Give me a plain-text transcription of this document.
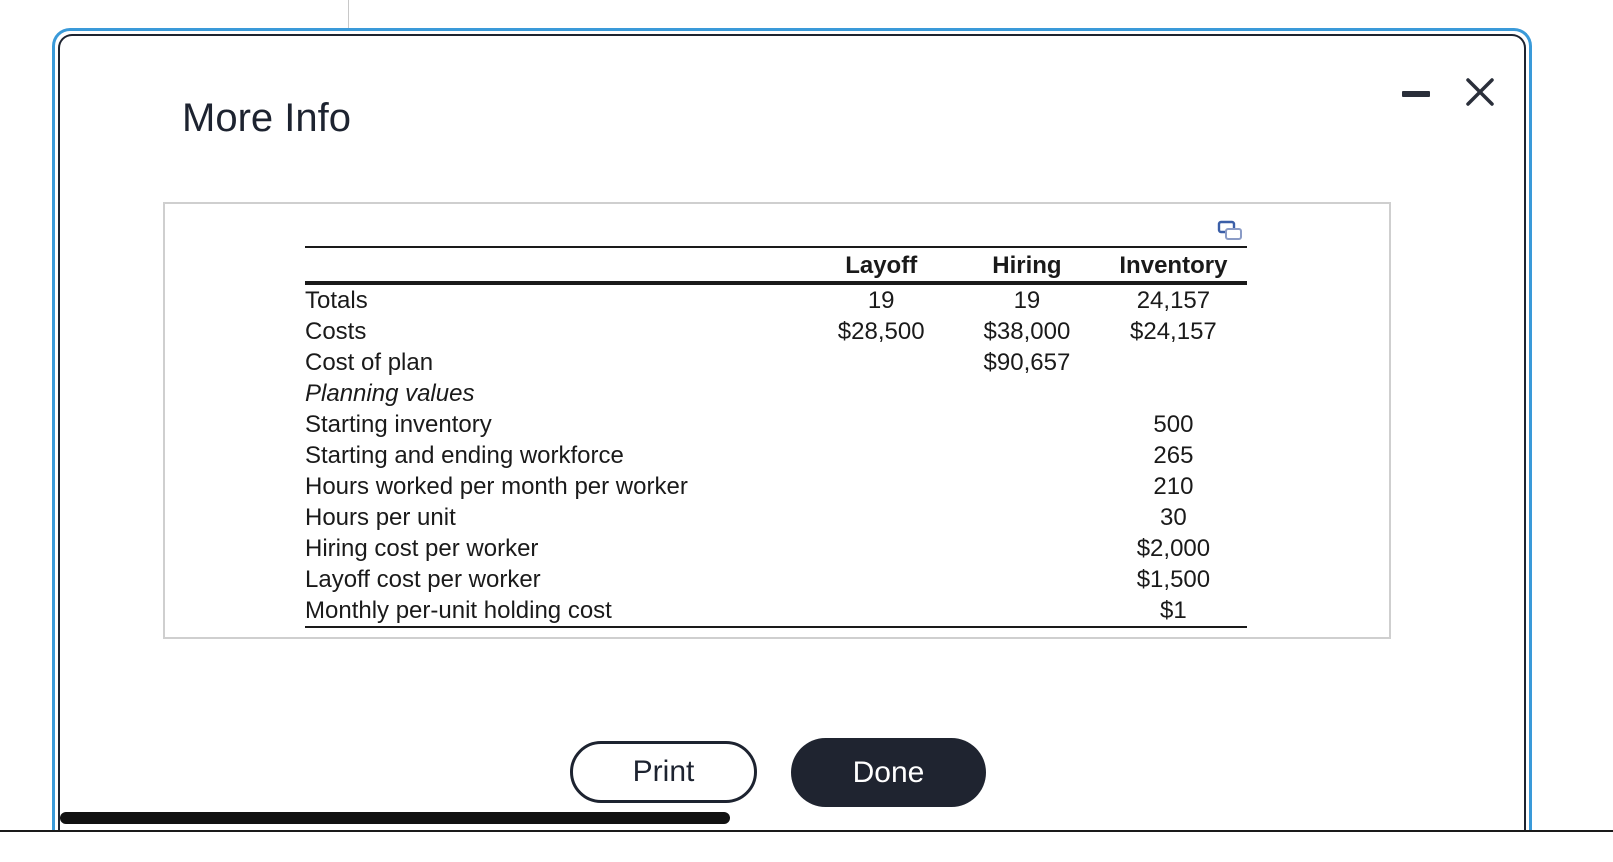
More Info
	Layoff	Hiring	Inventory
Totals	19	19	24,157
Costs	$28,500	$38,000	$24,157
Cost of plan		$90,657	
Planning values			
Starting inventory			500
Starting and ending workforce			265
Hours worked per month per worker			210
Hours per unit			30
Hiring cost per worker			$2,000
Layoff cost per worker			$1,500
Monthly per-unit holding cost			$1
Print	Done
